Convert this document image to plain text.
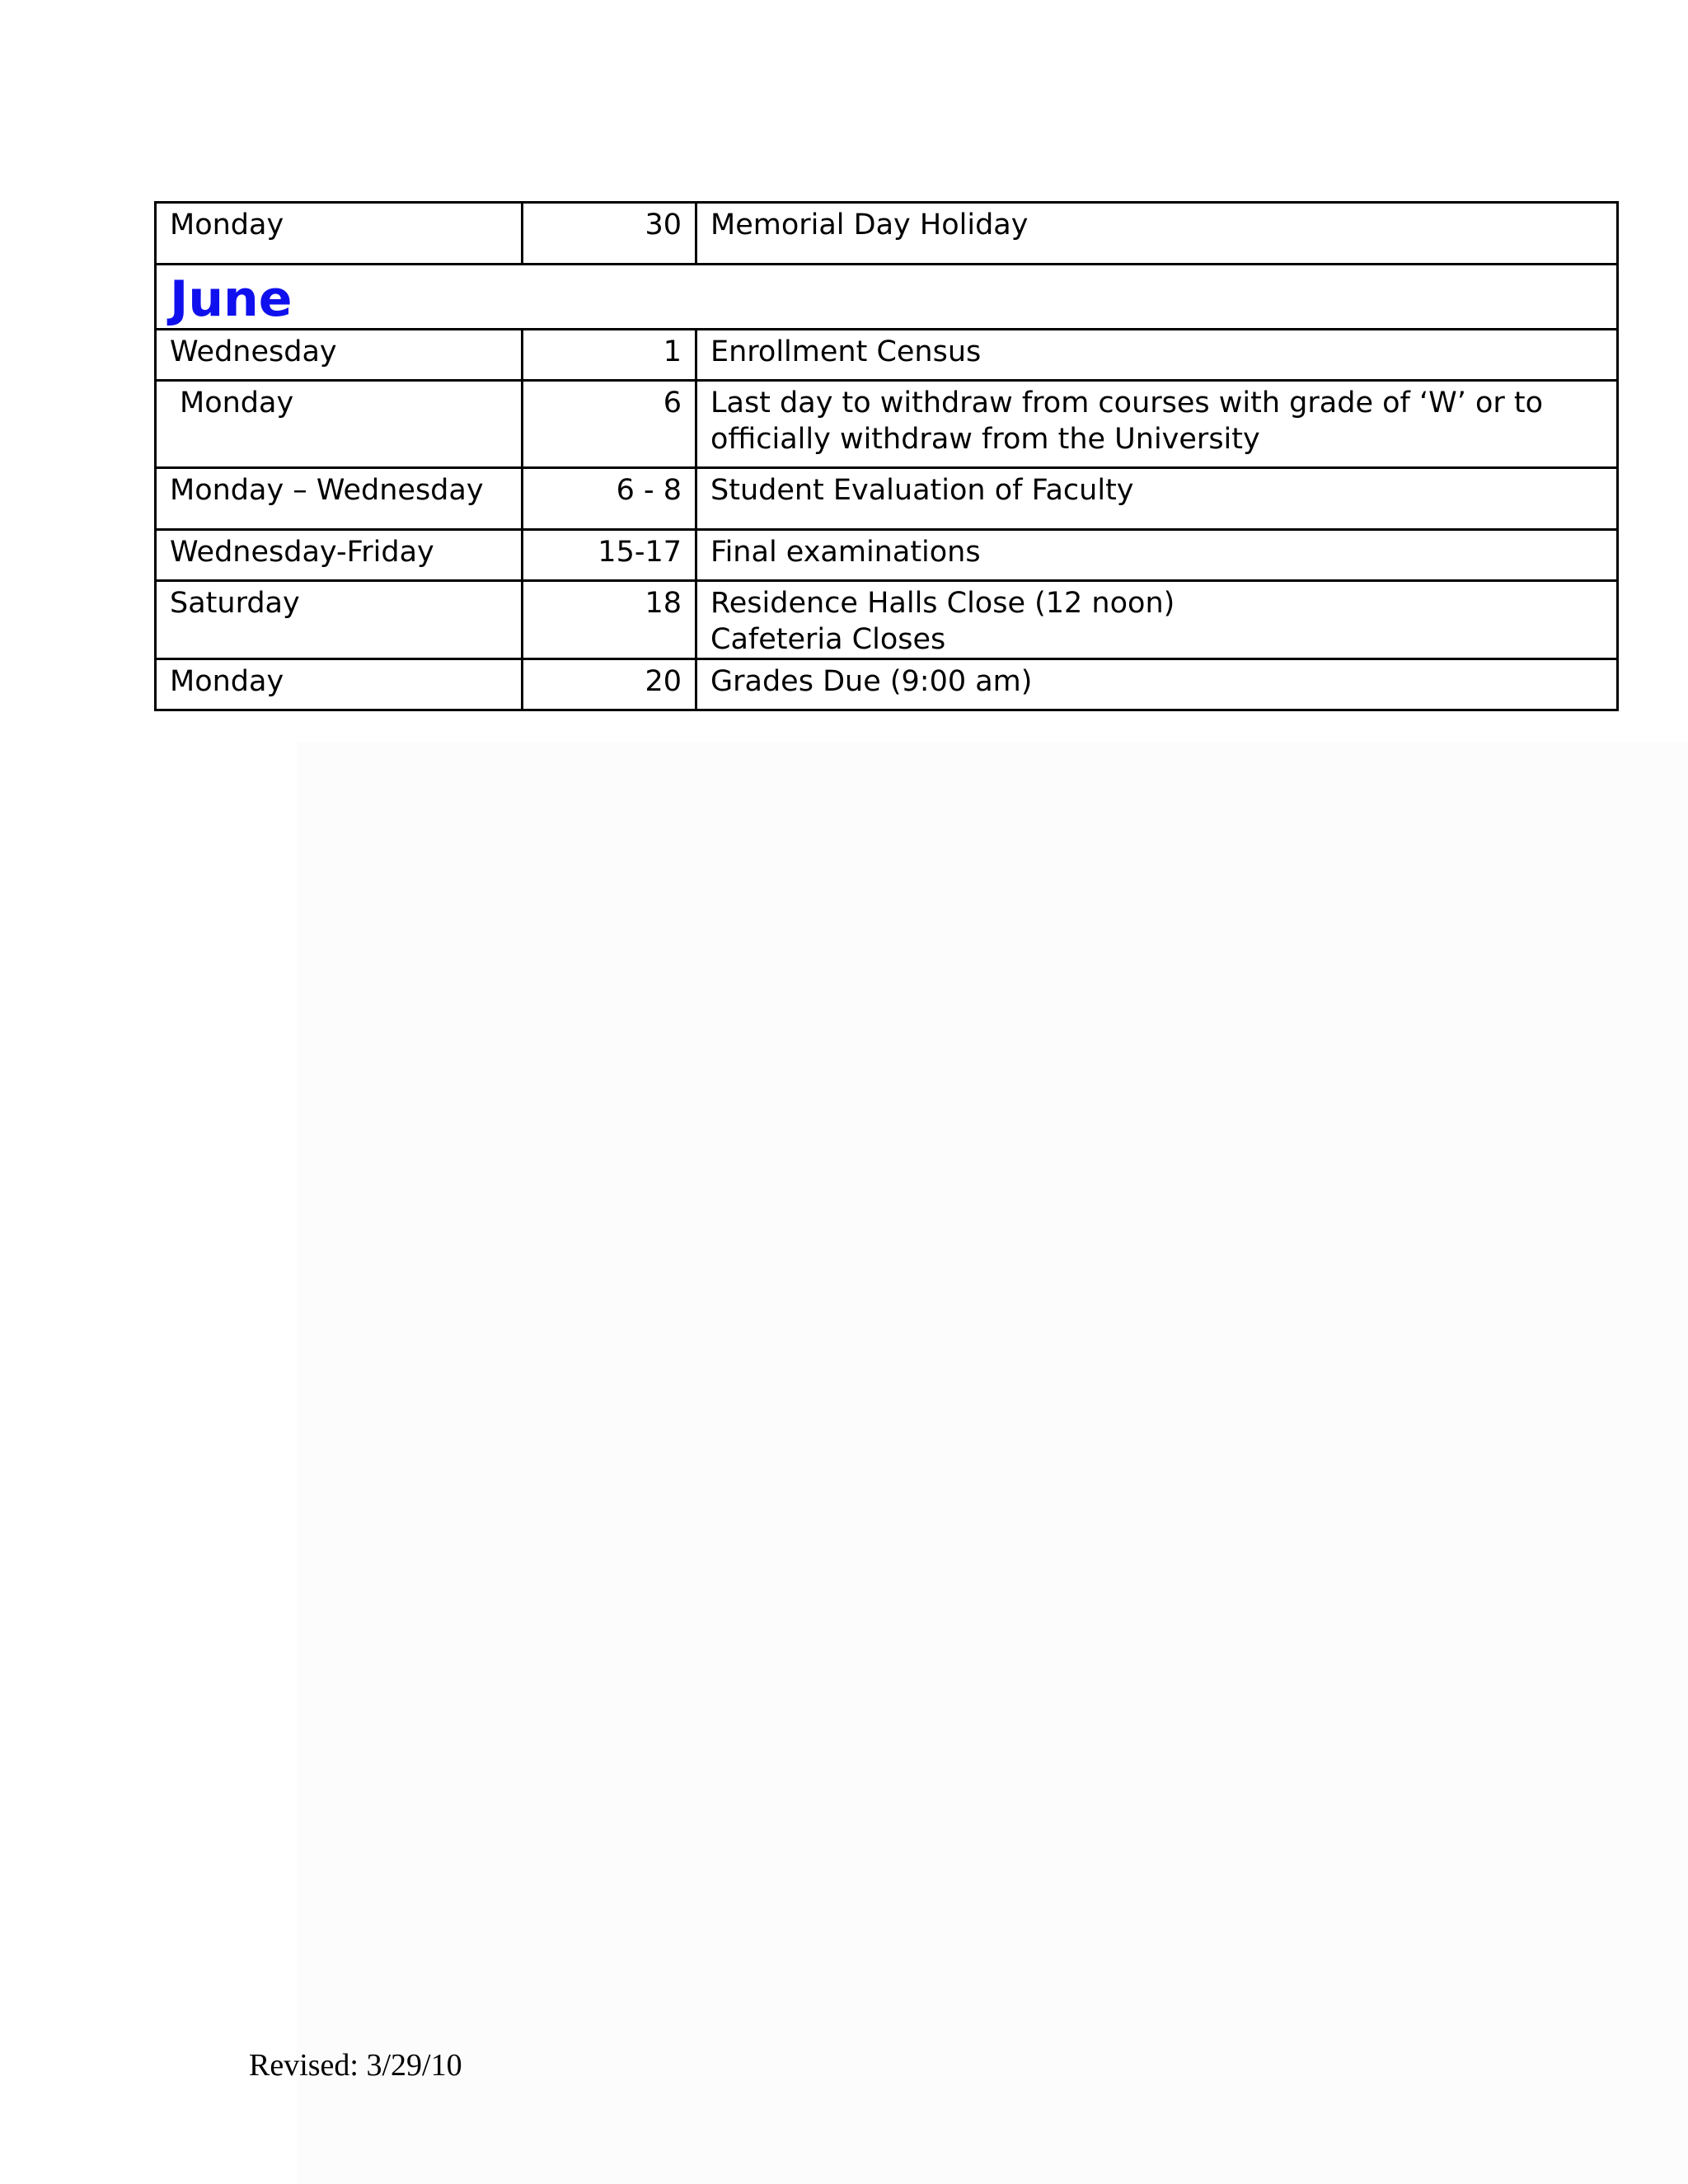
Monday	30	Memorial Day Holiday
June		
Wednesday	1	Enrollment Census
Monday	6	Last day to withdraw from courses with grade of ‘W’ or to
officially withdraw from the University

Monday – Wednesday	6 - 8	Student Evaluation of Faculty
Wednesday-Friday	15-17	Final examinations
Saturday	18	Residence Halls Close (12 noon)
Cafeteria Closes

Monday	20	Grades Due (9:00 am)
Revised: 3/29/10
